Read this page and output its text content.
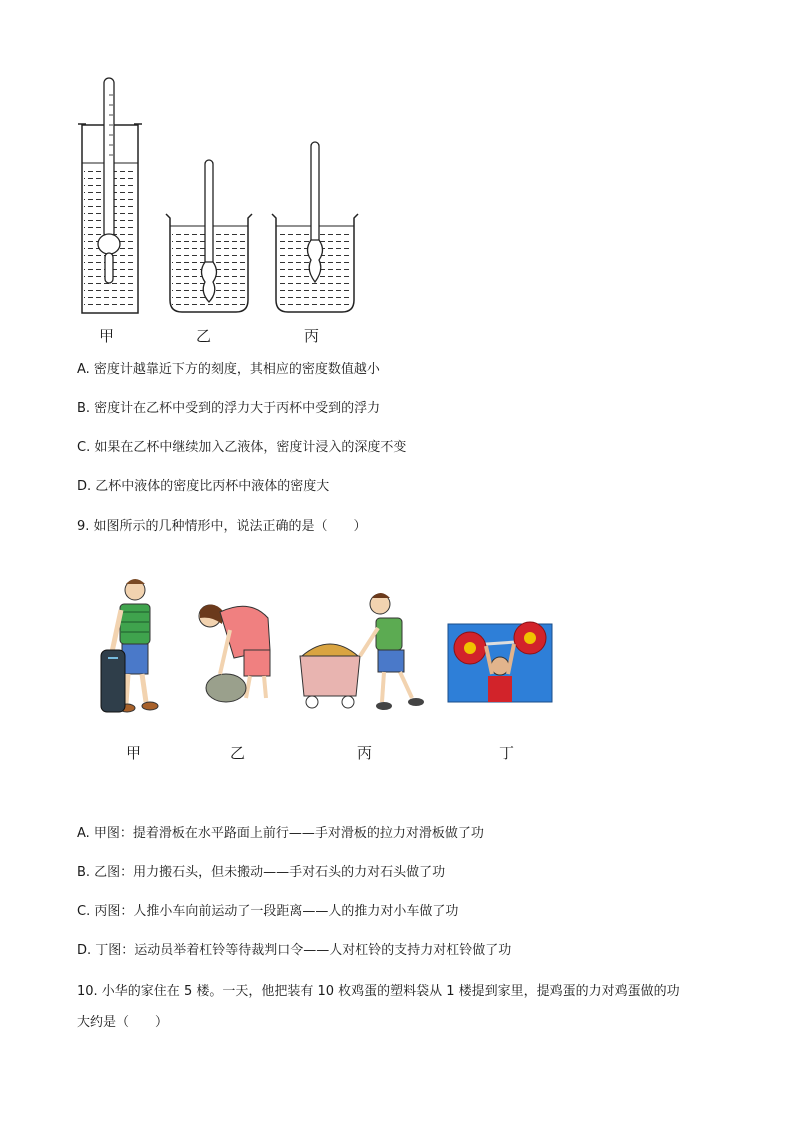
甲	乙	丙
A. 密度计越靠近下方的刻度，其相应的密度数值越小
B. 密度计在乙杯中受到的浮力大于丙杯中受到的浮力
C. 如果在乙杯中继续加入乙液体，密度计浸入的深度不变
D. 乙杯中液体的密度比丙杯中液体的密度大
9. 如图所示的几种情形中，说法正确的是（　　）
甲	乙	丙	丁
A. 甲图：提着滑板在水平路面上前行——手对滑板的拉力对滑板做了功
B. 乙图：用力搬石头，但未搬动——手对石头的力对石头做了功
C. 丙图：人推小车向前运动了一段距离——人的推力对小车做了功
D. 丁图：运动员举着杠铃等待裁判口令——人对杠铃的支持力对杠铃做了功
10. 小华的家住在 5 楼。一天，他把装有 10 枚鸡蛋的塑料袋从 1 楼提到家里，提鸡蛋的力对鸡蛋做的功
大约是（　　）
